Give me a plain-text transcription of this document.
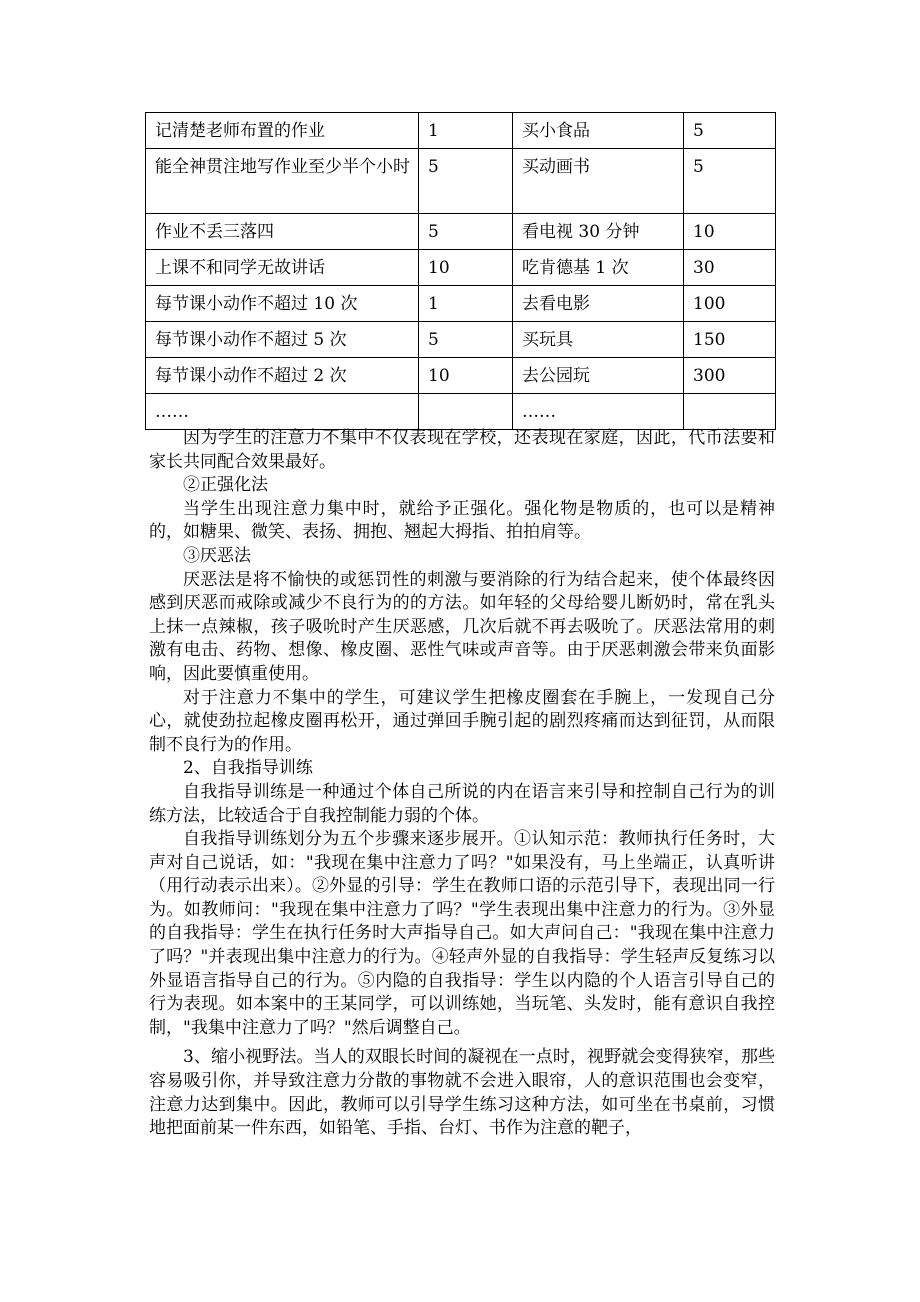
记清楚老师布置的作业	1	买小食品	5
能全神贯注地写作业至少半个小时	5	买动画书	5
作业不丢三落四	5	看电视 30 分钟	10
上课不和同学无故讲话	10	吃肯德基 1 次	30
每节课小动作不超过 10 次	1	去看电影	100
每节课小动作不超过 5 次	5	买玩具	150
每节课小动作不超过 2 次	10	去公园玩	300
……		……	

因为学生的注意力不集中不仅表现在学校，还表现在家庭，因此，代币法要和家长共同配合效果最好。

②正强化法

当学生出现注意力集中时，就给予正强化。强化物是物质的，也可以是精神的，如糖果、微笑、表扬、拥抱、翘起大拇指、拍拍肩等。

③厌恶法

厌恶法是将不愉快的或惩罚性的刺激与要消除的行为结合起来，使个体最终因感到厌恶而戒除或减少不良行为的的方法。如年轻的父母给婴儿断奶时，常在乳头上抹一点辣椒，孩子吸吮时产生厌恶感，几次后就不再去吸吮了。厌恶法常用的刺激有电击、药物、想像、橡皮圈、恶性气味或声音等。由于厌恶刺激会带来负面影响，因此要慎重使用。

对于注意力不集中的学生，可建议学生把橡皮圈套在手腕上，一发现自己分心，就使劲拉起橡皮圈再松开，通过弹回手腕引起的剧烈疼痛而达到征罚，从而限制不良行为的作用。

2、自我指导训练

自我指导训练是一种通过个体自己所说的内在语言来引导和控制自己行为的训练方法，比较适合于自我控制能力弱的个体。

自我指导训练划分为五个步骤来逐步展开。①认知示范：教师执行任务时，大声对自己说话，如："我现在集中注意力了吗？"如果没有，马上坐端正，认真听讲（用行动表示出来）。②外显的引导：学生在教师口语的示范引导下，表现出同一行为。如教师问："我现在集中注意力了吗？"学生表现出集中注意力的行为。③外显的自我指导：学生在执行任务时大声指导自己。如大声问自己："我现在集中注意力了吗？"并表现出集中注意力的行为。④轻声外显的自我指导：学生轻声反复练习以外显语言指导自己的行为。⑤内隐的自我指导：学生以内隐的个人语言引导自己的行为表现。如本案中的王某同学，可以训练她，当玩笔、头发时，能有意识自我控制，"我集中注意力了吗？"然后调整自己。

3、缩小视野法。当人的双眼长时间的凝视在一点时，视野就会变得狭窄，那些容易吸引你，并导致注意力分散的事物就不会进入眼帘，人的意识范围也会变窄，注意力达到集中。因此，教师可以引导学生练习这种方法，如可坐在书桌前，习惯地把面前某一件东西，如铅笔、手指、台灯、书作为注意的靶子，
